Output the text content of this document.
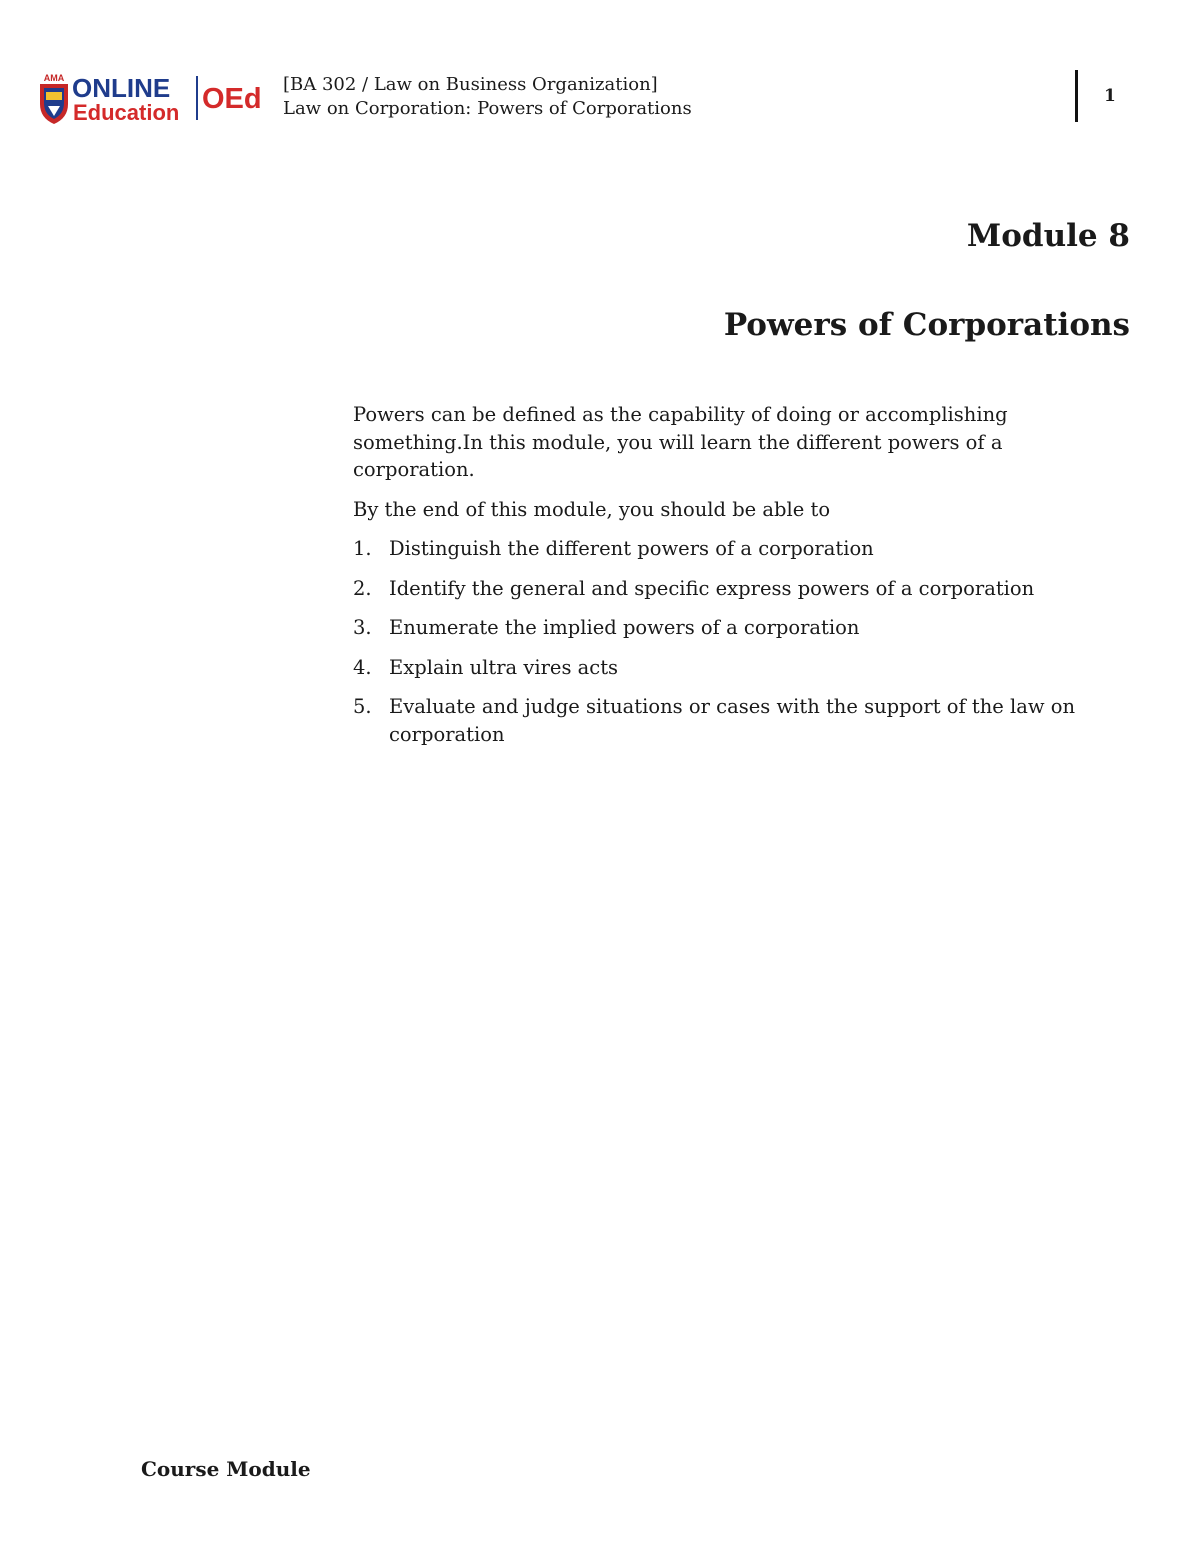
AMA ONLINE
Education OEd [BA 302 / Law on Business Organization]
Law on Corporation: Powers of Corporations
1
Module 8
Powers of Corporations

Powers can be defined as the capability of doing or accomplishing something.In this module, you will learn the different powers of a corporation.

By the end of this module, you should be able to

1. Distinguish the different powers of a corporation
2. Identify the general and specific express powers of a corporation
3. Enumerate the implied powers of a corporation
4. Explain ultra vires acts
5. Evaluate and judge situations or cases with the support of the law on corporation
Course Module
